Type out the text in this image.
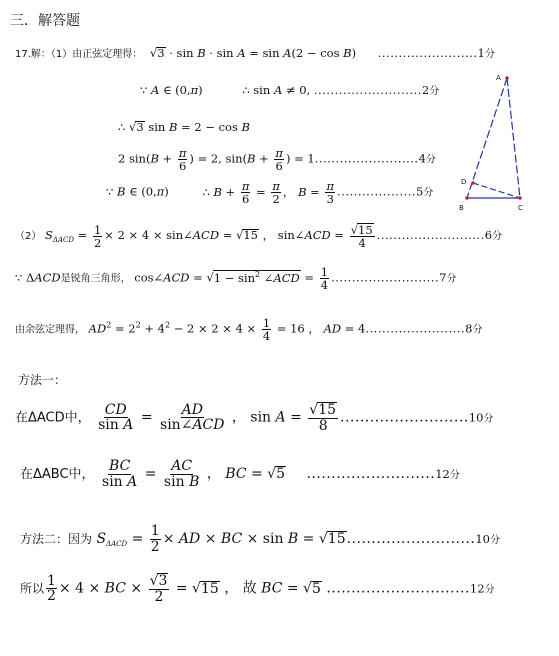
三．解答题
17.解：（1）由正弦定理得： √3 · sin B · sin A = sin A(2 − cos B) ........................1分
∵ A ∈ (0,π)	∴ sin A ≠ 0, ..........................2分
∴ √3 sin B = 2 − cos B
2 $\sin(B + \frac{\pi}{6}$ ) = 2, $\sin(B + \frac{\pi}{6}$ ) = 1.........................4分
∵ B ∈ (0,π)	∴ $B + \frac{\pi}{6} = \frac{\pi}{2}$ ， $B = \frac{\pi}{3} ...................5$分
（2） $S_{\Delta ACD} = \frac{1}{2} \times 2 \times 4$ × sin∠ACD = √15 ， sin∠ACD = $\frac{√15}{4} ..........................6$分
∵ ΔACD是锐角三角形， cos∠ACD = $√1 - \sin^2$ ∠ACD = $\frac{1}{4} ..........................7$分
由余弦定理得， $AD^2 = 2^2 + 4^2 - 2 \times 2 \times 4 \times \frac{1}{4} = 16$ ， AD = 4........................8分
方法一：
在ΔACD中， $\frac{CD}{\text{sin A}} = \frac{AD}{\text{sin∠ACD}}$ ， $\sin A = \frac{√15}{8} ..........................10$分
在ΔABC中， $\frac{BC}{\text{sin A}} = \frac{AC}{\text{sin B}}$ ， BC = √5 ..........................12分
方法二：因为 $S_{\Delta ACD} = \frac{1}{2}$ × AD × BC × sin B = √15..........................10分
所以 $\frac{1}{2} \times 4$ × BC × $\frac{√3}{2} = √15$ ， 故 BC = √5 .............................12分
A
D
B	C
